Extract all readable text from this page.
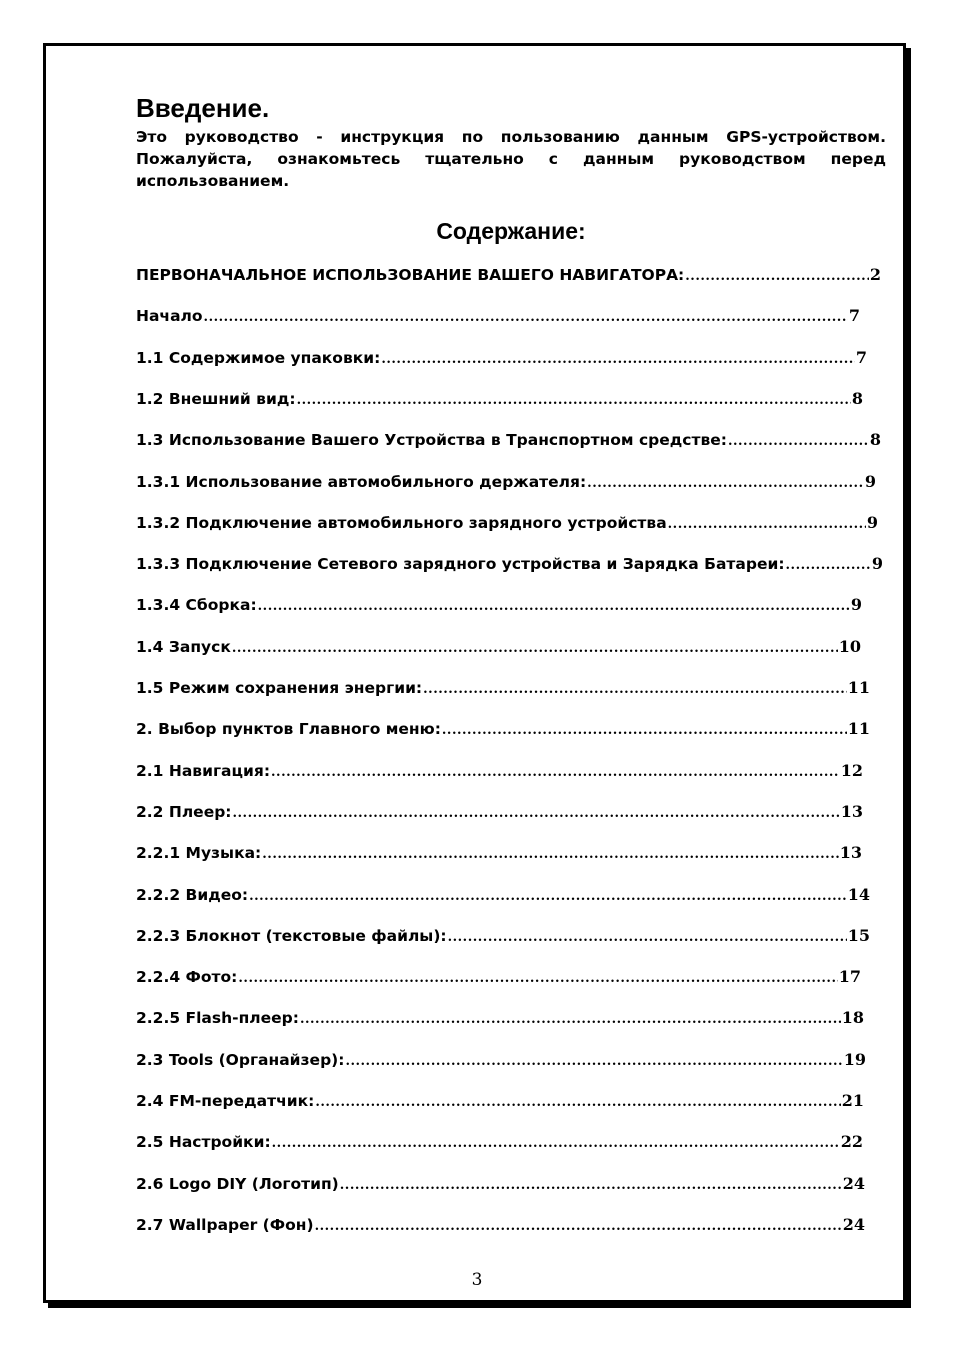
Введение.

Это руководство - инструкция по пользованию данным GPS-устройством. Пожалуйста, ознакомьтесь тщательно с данным руководством перед использованием.

Содержание:
ПЕРВОНАЧАЛЬНОЕ ИСПОЛЬЗОВАНИЕ ВАШЕГО НАВИГАТОРА: .....	2
Начало .....	7
1.1 Содержимое упаковки: .....	7
1.2 Внешний вид: .....	8
1.3 Использование Вашего Устройства в Транспортном средстве: .....	8
1.3.1 Использование автомобильного держателя: .....	9
1.3.2 Подключение автомобильного зарядного устройства .....	9
1.3.3 Подключение Сетевого зарядного устройства и Зарядка Батареи: .....	9
1.3.4 Сборка: .....	9
1.4 Запуск .....	10
1.5 Режим сохранения энергии: .....	11
2. Выбор пунктов Главного меню: .....	11
2.1 Навигация: .....	12
2.2 Плеер: .....	13
2.2.1 Музыка: .....	13
2.2.2 Видео: .....	14
2.2.3 Блокнот (текстовые файлы): .....	15
2.2.4 Фото: .....	17
2.2.5 Flash-плеер: .....	18
2.3 Tools (Органайзер): .....	19
2.4 FM-передатчик: .....	21
2.5 Настройки: .....	22
2.6 Logo DIY (Логотип) .....	24
2.7 Wallpaper (Фон) .....	24
3
